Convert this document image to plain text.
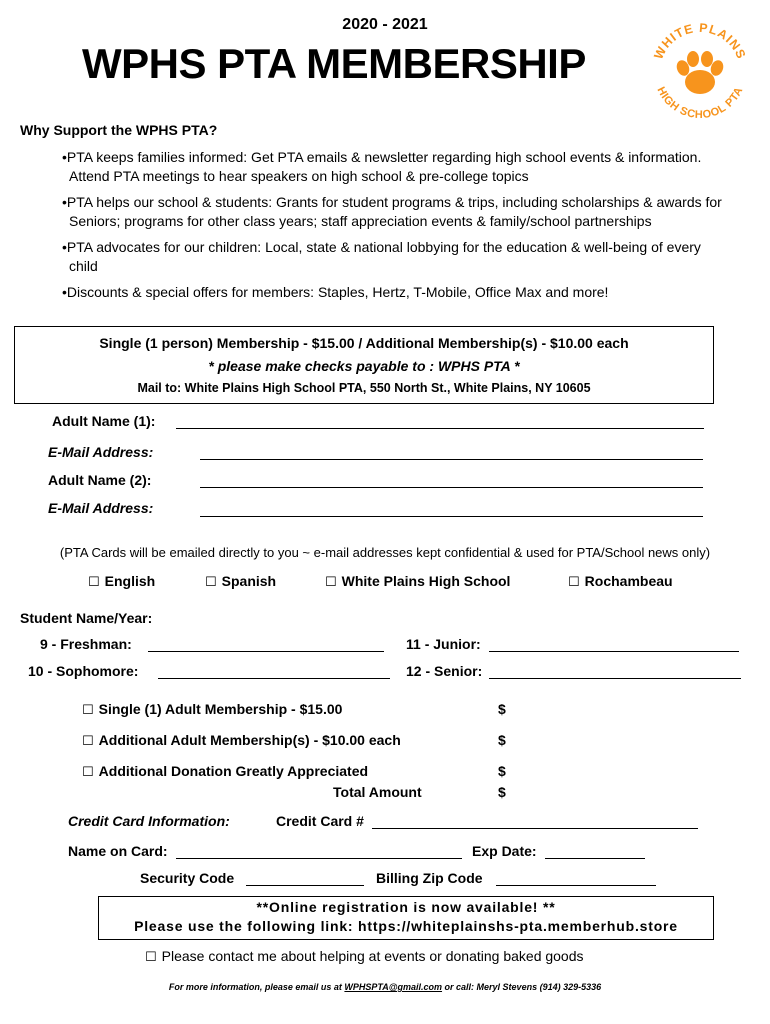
2020 - 2021
WPHS PTA MEMBERSHIP	WHITE PLAINS
HIGH SCHOOL PTA
Why Support the WPHS PTA?
•PTA keeps families informed: Get PTA emails & newsletter regarding high school events & information. Attend PTA meetings to hear speakers on high school & pre-college topics
•PTA helps our school & students: Grants for student programs & trips, including scholarships & awards for Seniors; programs for other class years; staff appreciation events & family/school partnerships
•PTA advocates for our children: Local, state & national lobbying for the education & well-being of every child
•Discounts & special offers for members: Staples, Hertz, T-Mobile, Office Max and more!
Single (1 person) Membership - $15.00 / Additional Membership(s) - $10.00 each
* please make checks payable to : WPHS PTA *
Mail to: White Plains High School PTA, 550 North St., White Plains, NY 10605
Adult Name (1):
E-Mail Address:
Adult Name (2):
E-Mail Address:
(PTA Cards will be emailed directly to you ~ e-mail addresses kept confidential & used for PTA/School news only)
☐ English	☐ Spanish	☐ White Plains High School	☐ Rochambeau
Student Name/Year:
9 - Freshman:	11 - Junior:
10 - Sophomore:	12 - Senior:
☐ Single (1) Adult Membership - $15.00	$
☐ Additional Adult Membership(s) - $10.00 each	$
☐ Additional Donation Greatly Appreciated	$
Total Amount	$
Credit Card Information:	Credit Card #
Name on Card:	Exp Date:
Security Code	Billing Zip Code
**Online registration is now available! **
Please use the following link: https://whiteplainshs-pta.memberhub.store
☐ Please contact me about helping at events or donating baked goods
For more information, please email us at WPHSPTA@gmail.com or call: Meryl Stevens (914) 329-5336
